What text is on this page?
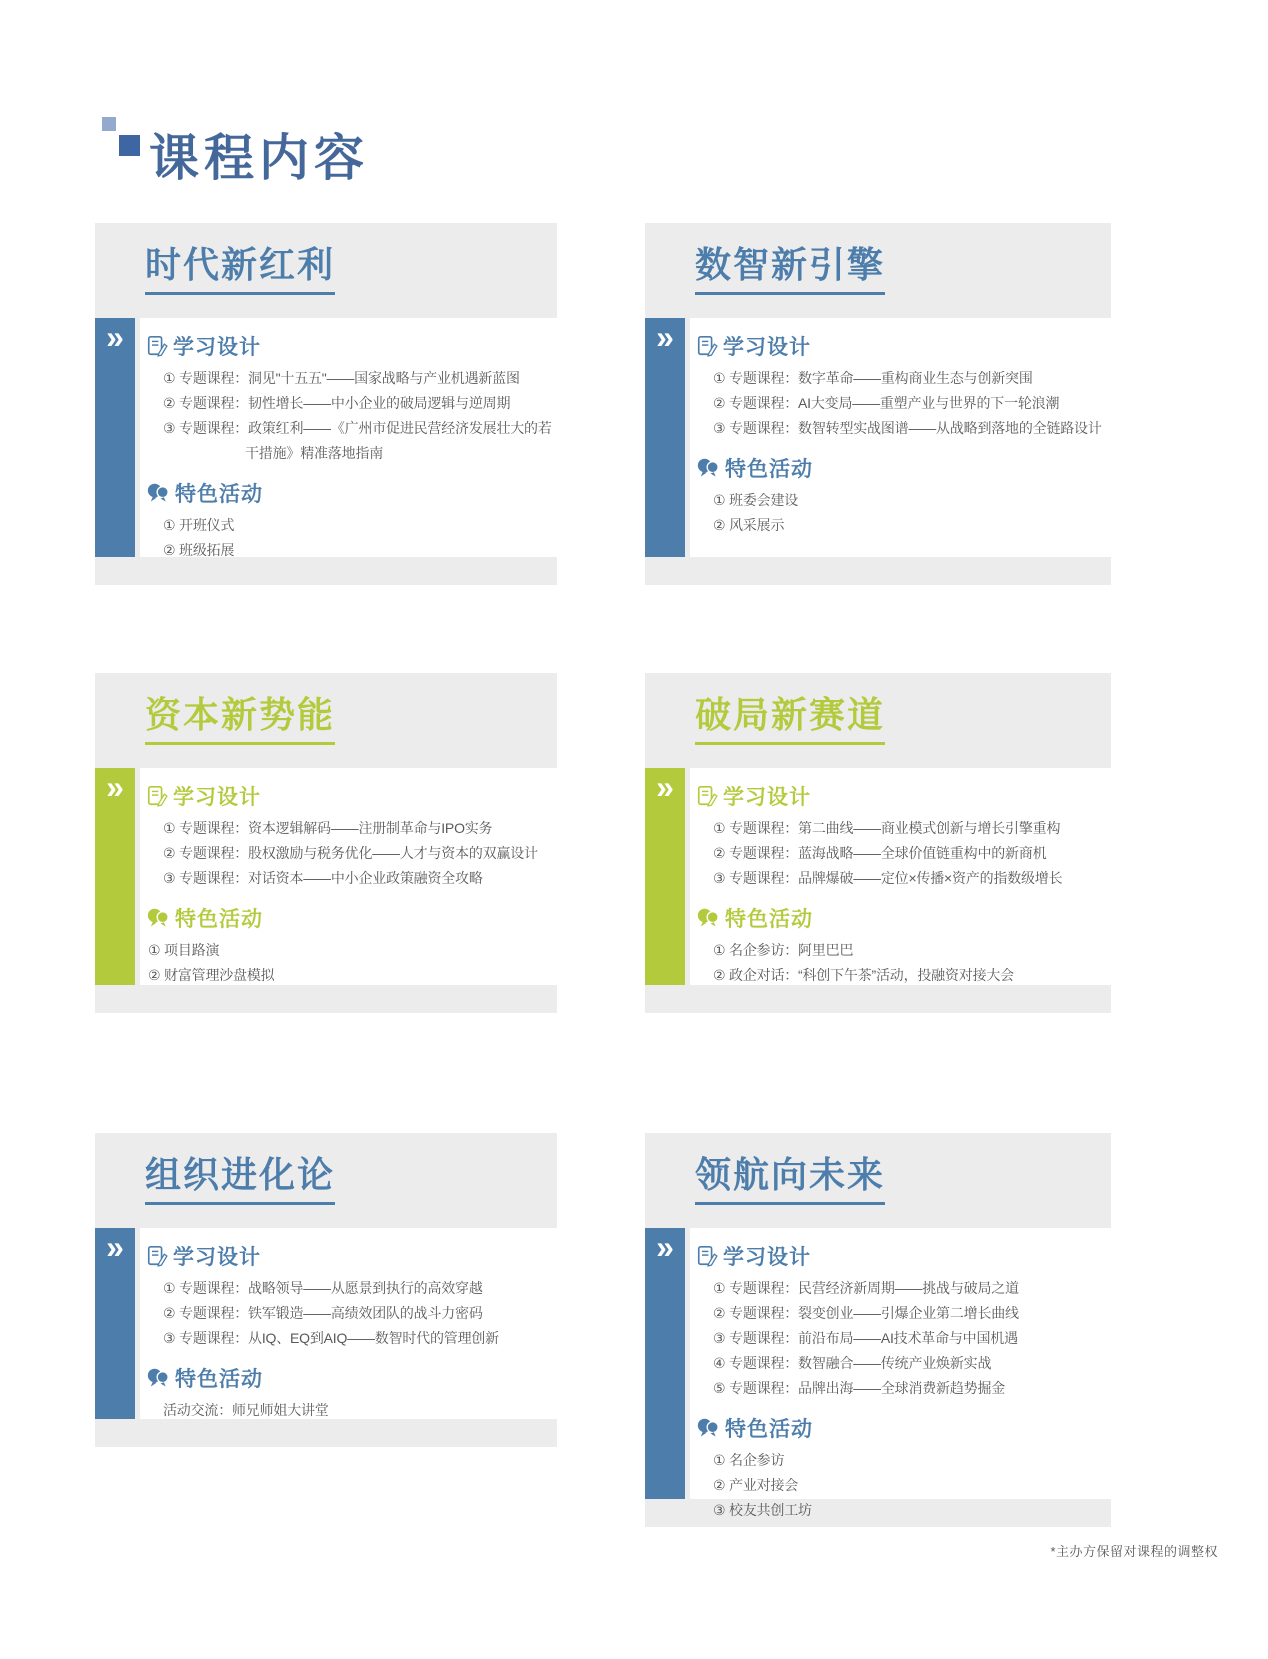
课程内容
时代新红利
»	学习设计
① 专题课程：洞见"十五五"——国家战略与产业机遇新蓝图
② 专题课程：韧性增长——中小企业的破局逻辑与逆周期
③ 专题课程：政策红利——《广州市促进民营经济发展壮大的若干措施》精准落地指南
特色活动
① 开班仪式
② 班级拓展
数智新引擎
»	学习设计
① 专题课程：数字革命——重构商业生态与创新突围
② 专题课程：AI大变局——重塑产业与世界的下一轮浪潮
③ 专题课程：数智转型实战图谱——从战略到落地的全链路设计
特色活动
① 班委会建设
② 风采展示
资本新势能
»	学习设计
① 专题课程：资本逻辑解码——注册制革命与IPO实务
② 专题课程：股权激励与税务优化——人才与资本的双赢设计
③ 专题课程：对话资本——中小企业政策融资全攻略
特色活动
① 项目路演
② 财富管理沙盘模拟
破局新赛道
»	学习设计
① 专题课程：第二曲线——商业模式创新与增长引擎重构
② 专题课程：蓝海战略——全球价值链重构中的新商机
③ 专题课程：品牌爆破——定位×传播×资产的指数级增长
特色活动
① 名企参访：阿里巴巴
② 政企对话：“科创下午茶”活动，投融资对接大会
组织进化论
»	学习设计
① 专题课程：战略领导——从愿景到执行的高效穿越
② 专题课程：铁军锻造——高绩效团队的战斗力密码
③ 专题课程：从IQ、EQ到AIQ——数智时代的管理创新
特色活动
活动交流：师兄师姐大讲堂
领航向未来
»	学习设计
① 专题课程：民营经济新周期——挑战与破局之道
② 专题课程：裂变创业——引爆企业第二增长曲线
③ 专题课程：前沿布局——AI技术革命与中国机遇
④ 专题课程：数智融合——传统产业焕新实战
⑤ 专题课程：品牌出海——全球消费新趋势掘金
特色活动
① 名企参访
② 产业对接会
③ 校友共创工坊
*主办方保留对课程的调整权
